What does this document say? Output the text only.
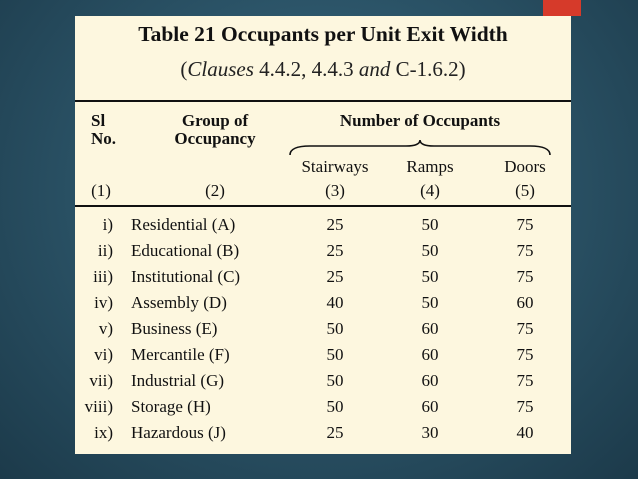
Table 21 Occupants per Unit Exit Width
(Clauses 4.4.2, 4.4.3 and C-1.6.2)
Sl
No.
Group of
Occupancy
Number of Occupants
Stairways	Ramps	Doors
(1)	(2)	(3)	(4)	(5)
i) Residential (A)	25	50	75
ii) Educational (B)	25	50	75
iii) Institutional (C)	25	50	75
iv) Assembly (D)	40	50	60
v) Business (E)	50	60	75
vi) Mercantile (F)	50	60	75
vii) Industrial (G)	50	60	75
viii) Storage (H)	50	60	75
ix) Hazardous (J)	25	30	40
